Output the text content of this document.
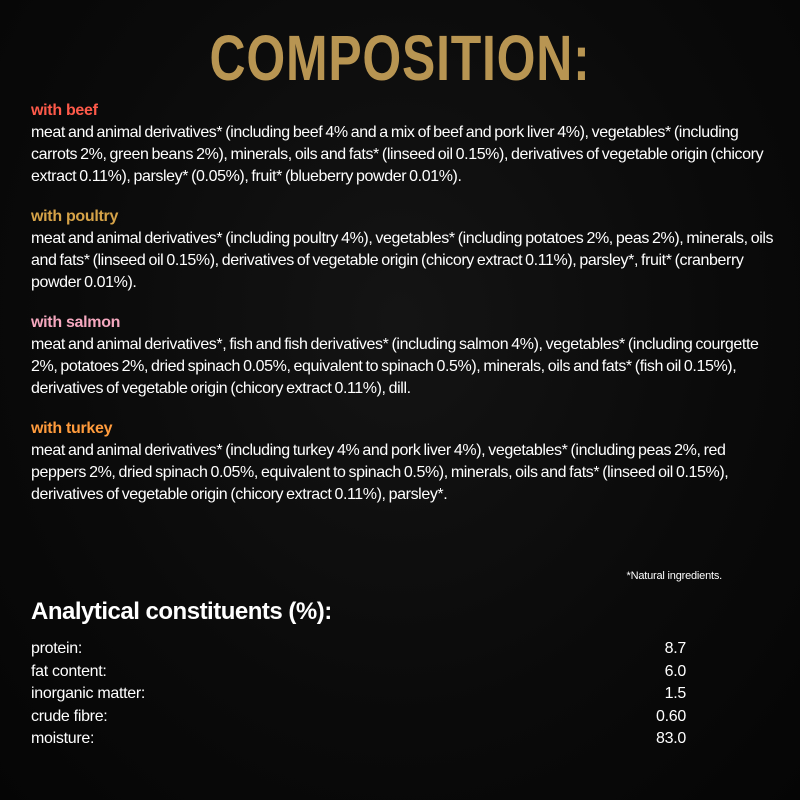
COMPOSITION:
with beef
meat and animal derivatives* (including beef 4% and a mix of beef and pork liver 4%), vegetables* (including carrots 2%, green beans 2%), minerals, oils and fats* (linseed oil 0.15%), derivatives of vegetable origin (chicory extract 0.11%), parsley* (0.05%), fruit* (blueberry powder 0.01%).
with poultry
meat and animal derivatives* (including poultry 4%), vegetables* (including potatoes 2%, peas 2%), minerals, oils and fats* (linseed oil 0.15%), derivatives of vegetable origin (chicory extract 0.11%), parsley*, fruit* (cranberry powder 0.01%).
with salmon
meat and animal derivatives*, fish and fish derivatives* (including salmon 4%), vegetables* (including courgette 2%, potatoes 2%, dried spinach 0.05%, equivalent to spinach 0.5%), minerals, oils and fats* (fish oil 0.15%), derivatives of vegetable origin (chicory extract 0.11%), dill.
with turkey
meat and animal derivatives* (including turkey 4% and pork liver 4%), vegetables* (including peas 2%, red peppers 2%, dried spinach 0.05%, equivalent to spinach 0.5%), minerals, oils and fats* (linseed oil 0.15%), derivatives of vegetable origin (chicory extract 0.11%), parsley*.
*Natural ingredients.
Analytical constituents (%):
protein:	8.7
fat content:	6.0
inorganic matter:	1.5
crude fibre:	0.60
moisture:	83.0
